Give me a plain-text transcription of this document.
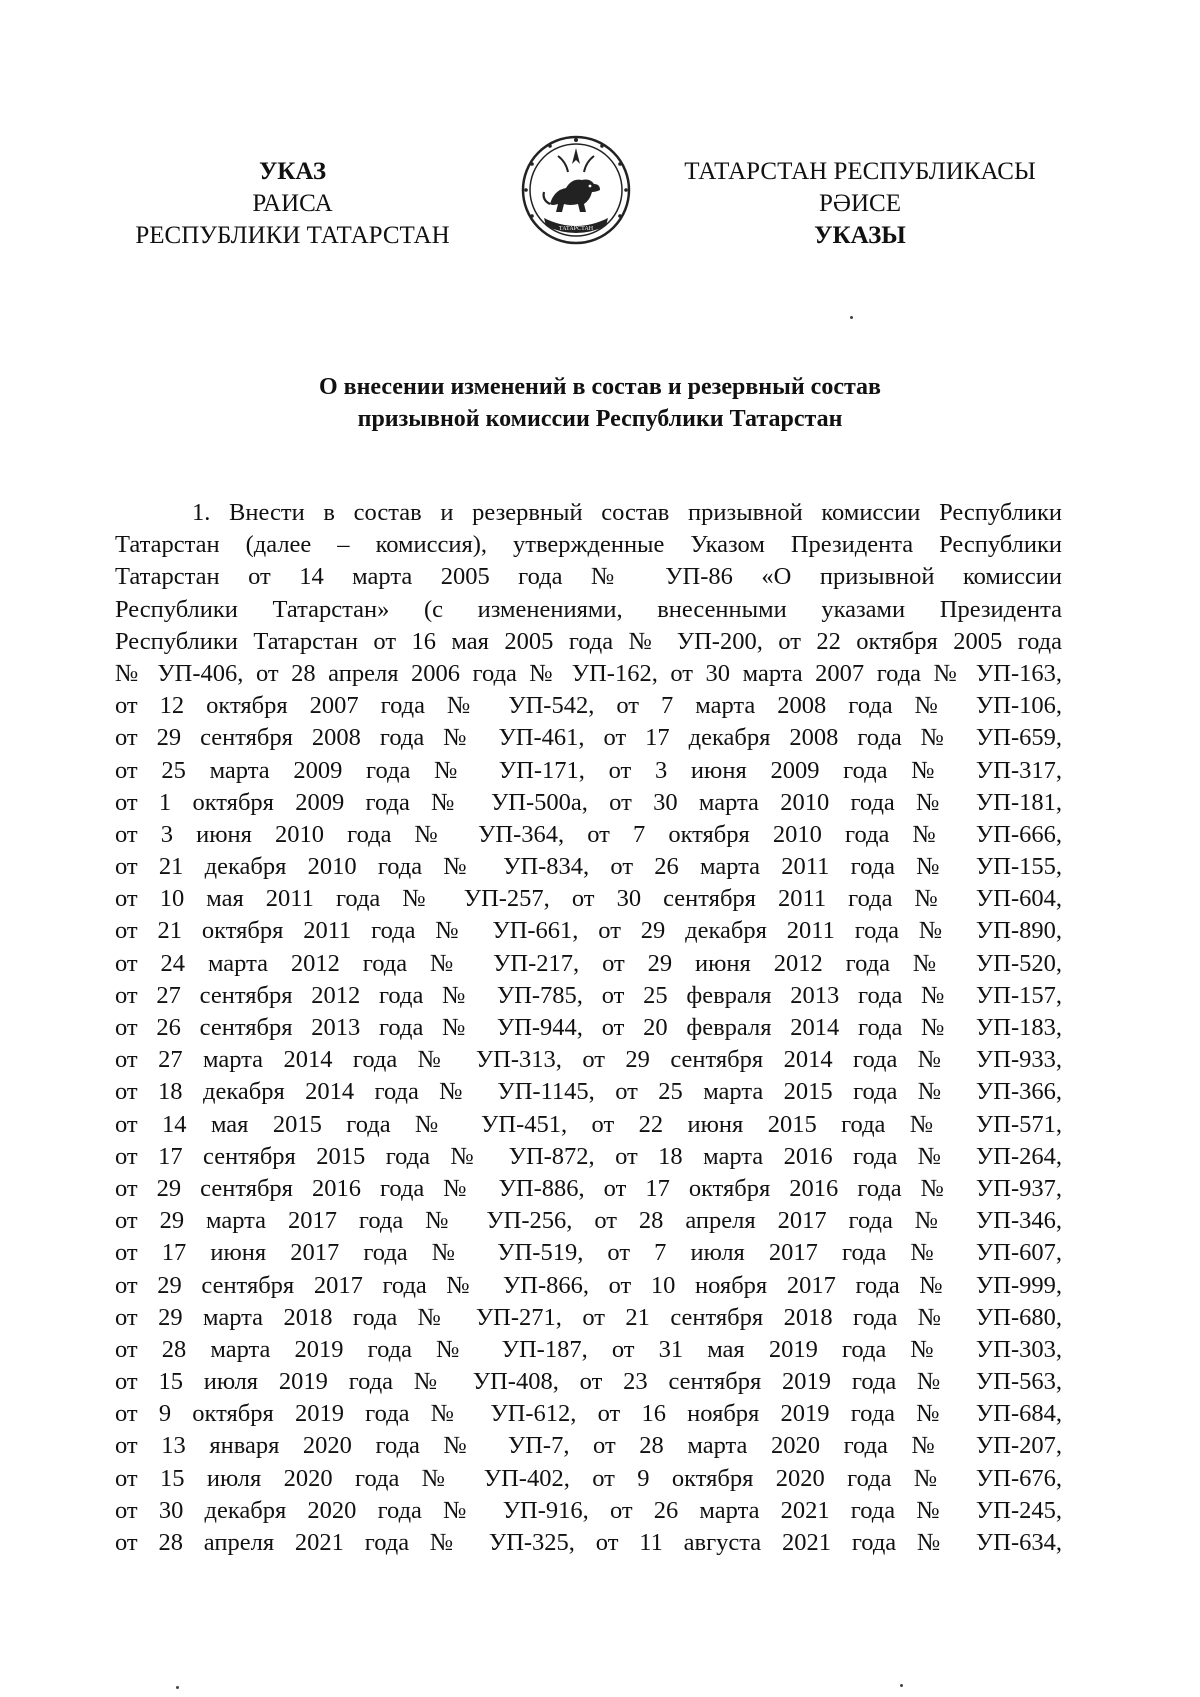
УКАЗ
РАИСА
РЕСПУБЛИКИ ТАТАРСТАН	ТАТАРСТАН
ТАТАРСТАН РЕСПУБЛИКАСЫ
РӘИСЕ
УКАЗЫ
О внесении изменений в состав и резервный состав
призывной комиссии Республики Татарстан
1. Внести в состав и резервный состав призывной комиссии Республики
Татарстан (далее – комиссия), утвержденные Указом Президента Республики
Татарстан от 14 марта 2005 года № УП-86 «О призывной комиссии
Республики Татарстан» (с изменениями, внесенными указами Президента
Республики Татарстан от 16 мая 2005 года № УП-200, от 22 октября 2005 года
№ УП-406, от 28 апреля 2006 года № УП-162, от 30 марта 2007 года № УП-163,
от 12 октября 2007 года № УП-542, от 7 марта 2008 года № УП-106,
от 29 сентября 2008 года № УП-461, от 17 декабря 2008 года № УП-659,
от 25 марта 2009 года № УП-171, от 3 июня 2009 года № УП-317,
от 1 октября 2009 года № УП-500а, от 30 марта 2010 года № УП-181,
от 3 июня 2010 года № УП-364, от 7 октября 2010 года № УП-666,
от 21 декабря 2010 года № УП-834, от 26 марта 2011 года № УП-155,
от 10 мая 2011 года № УП-257, от 30 сентября 2011 года № УП-604,
от 21 октября 2011 года № УП-661, от 29 декабря 2011 года № УП-890,
от 24 марта 2012 года № УП-217, от 29 июня 2012 года № УП-520,
от 27 сентября 2012 года № УП-785, от 25 февраля 2013 года № УП-157,
от 26 сентября 2013 года № УП-944, от 20 февраля 2014 года № УП-183,
от 27 марта 2014 года № УП-313, от 29 сентября 2014 года № УП-933,
от 18 декабря 2014 года № УП-1145, от 25 марта 2015 года № УП-366,
от 14 мая 2015 года № УП-451, от 22 июня 2015 года № УП-571,
от 17 сентября 2015 года № УП-872, от 18 марта 2016 года № УП-264,
от 29 сентября 2016 года № УП-886, от 17 октября 2016 года № УП-937,
от 29 марта 2017 года № УП-256, от 28 апреля 2017 года № УП-346,
от 17 июня 2017 года № УП-519, от 7 июля 2017 года № УП-607,
от 29 сентября 2017 года № УП-866, от 10 ноября 2017 года № УП-999,
от 29 марта 2018 года № УП-271, от 21 сентября 2018 года № УП-680,
от 28 марта 2019 года № УП-187, от 31 мая 2019 года № УП-303,
от 15 июля 2019 года № УП-408, от 23 сентября 2019 года № УП-563,
от 9 октября 2019 года № УП-612, от 16 ноября 2019 года № УП-684,
от 13 января 2020 года № УП-7, от 28 марта 2020 года № УП-207,
от 15 июля 2020 года № УП-402, от 9 октября 2020 года № УП-676,
от 30 декабря 2020 года № УП-916, от 26 марта 2021 года № УП-245,
от 28 апреля 2021 года № УП-325, от 11 августа 2021 года № УП-634,
